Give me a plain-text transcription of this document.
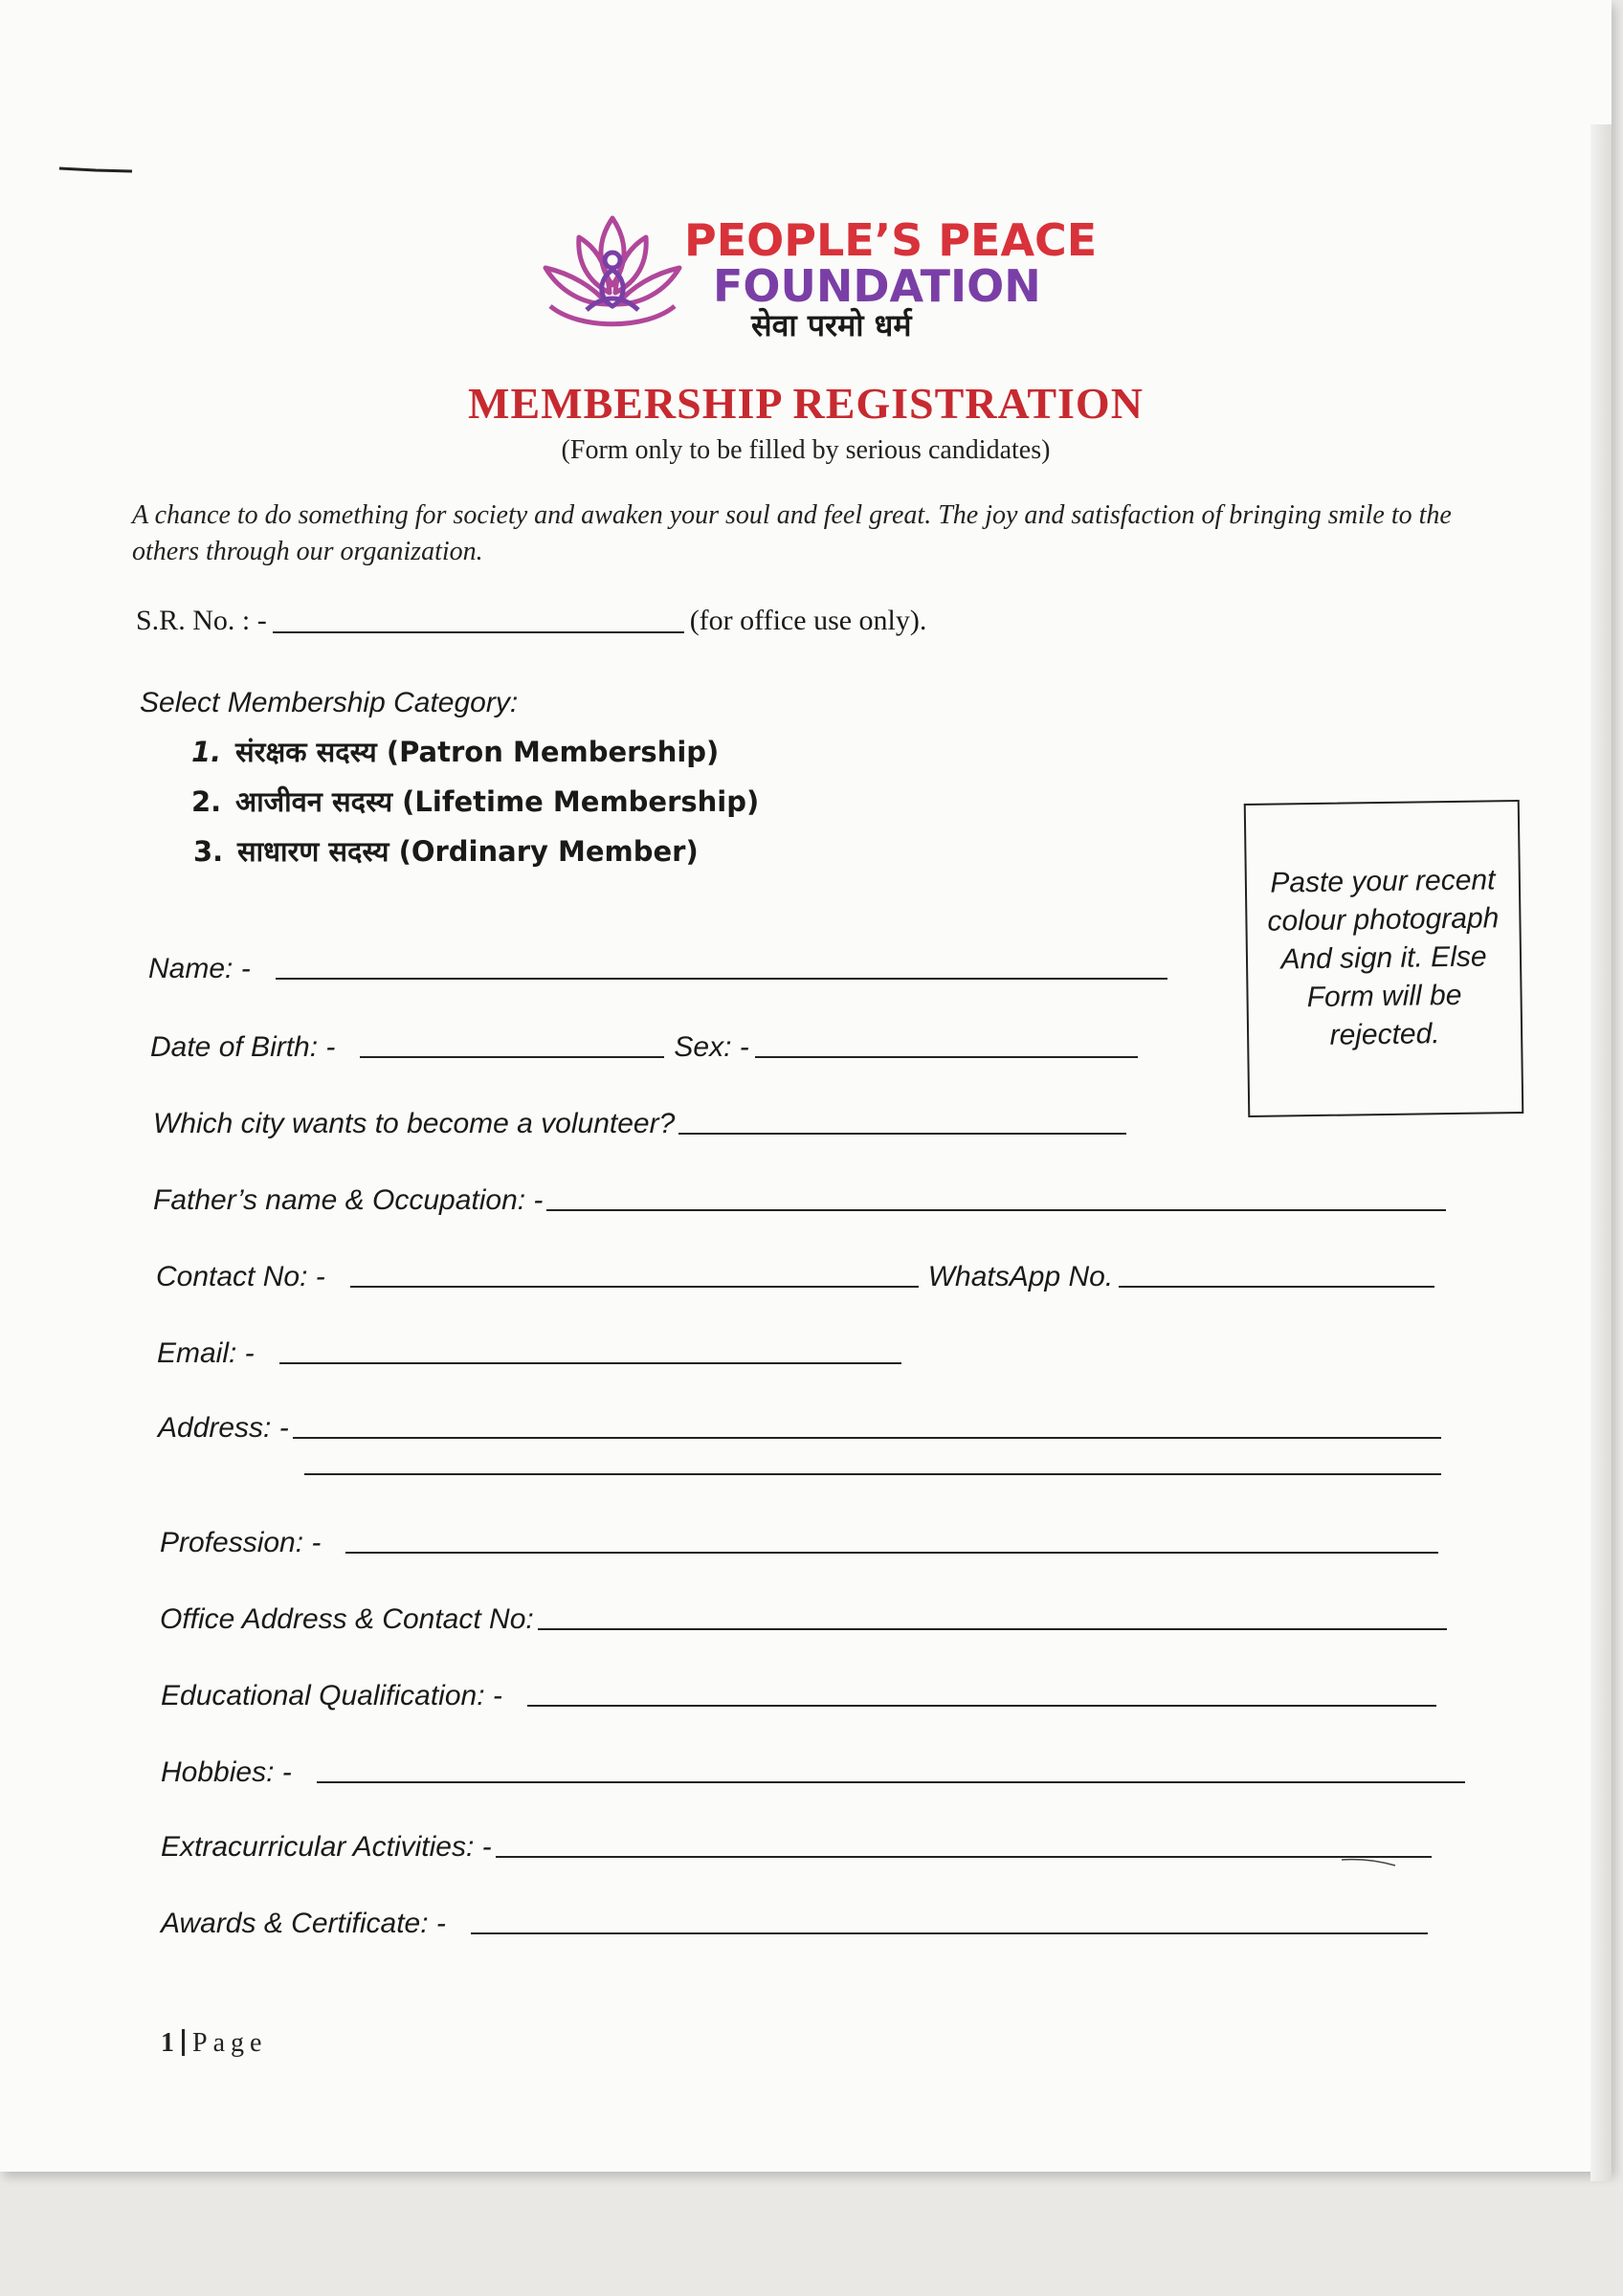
PEOPLE’S PEACE
FOUNDATION
सेवा परमो धर्म
MEMBERSHIP REGISTRATION
(Form only to be filled by serious candidates)
A chance to do something for society and awaken your soul and feel great. The joy and satisfaction of bringing smile to the others through our organization.
S.R. No. : -	(for office use only).
Select Membership Category:
1. संरक्षक सदस्य (Patron Membership)
2. आजीवन सदस्य (Lifetime Membership)
3. साधारण सदस्य (Ordinary Member)
Paste your recent colour photograph And sign it. Else Form will be rejected.
Name: -
Date of Birth: -	Sex: -
Which city wants to become a volunteer?
Father’s name & Occupation: -
Contact No: -	WhatsApp No.
Email: -
Address: -
Profession: -
Office Address & Contact No:
Educational Qualification: -
Hobbies: -
Extracurricular Activities: -
Awards & Certificate: -
1 Page
